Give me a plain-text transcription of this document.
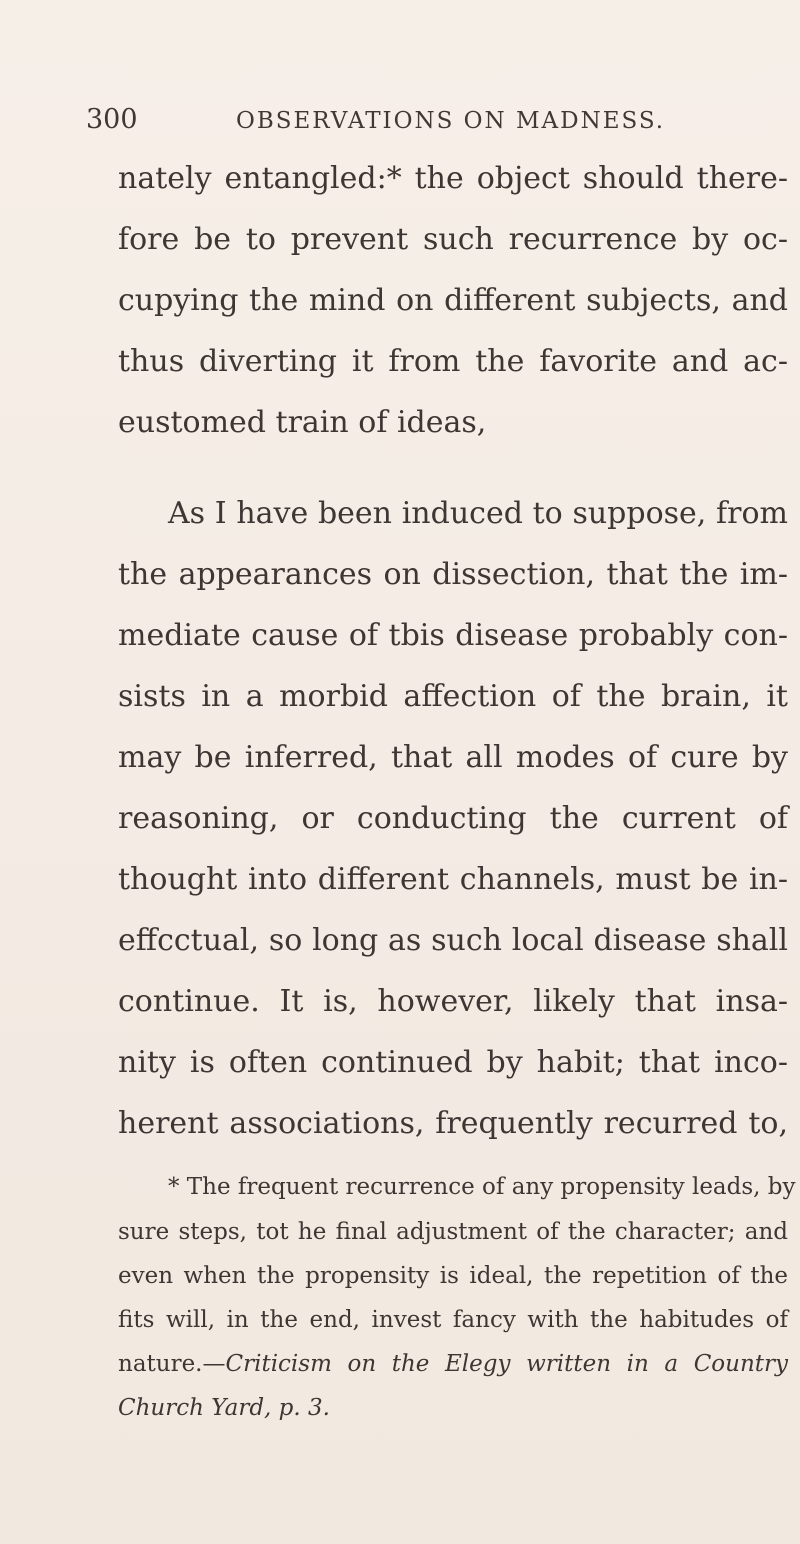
300	OBSERVATIONS ON MADNESS.
nately entangled:* the object should there-
fore be to prevent such recurrence by oc-
cupying the mind on different subjects, and
thus diverting it from the favorite and ac-
eustomed train of ideas,
As I have been induced to suppose, from
the appearances on dissection, that the im-
mediate cause of tbis disease probably con-
sists in a morbid affection of the brain, it
may be inferred, that all modes of cure by
reasoning, or conducting the current of
thought into different channels, must be in-
effcctual, so long as such local disease shall
continue. It is, however, likely that insa-
nity is often continued by habit; that inco-
herent associations, frequently recurred to,
* The frequent recurrence of any propensity leads, by
sure steps, tot he final adjustment of the character; and
even when the propensity is ideal, the repetition of the
fits will, in the end, invest fancy with the habitudes of
nature.—Criticism on the Elegy written in a Country
Church Yard, p. 3.
